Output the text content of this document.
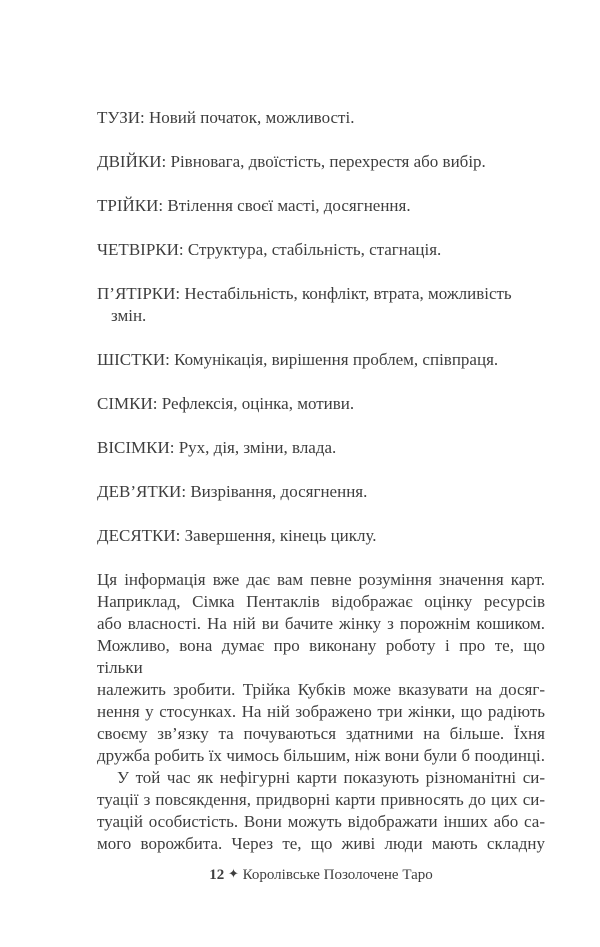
ТУЗИ: Новий початок, можливості.
ДВІЙКИ: Рівновага, двоїстість, перехрестя або вибір.
ТРІЙКИ: Втілення своєї масті, досягнення.
ЧЕТВІРКИ: Структура, стабільність, стагнація.
П’ЯТІРКИ: Нестабільність, конфлікт, втрата, можливість
змін.
ШІСТКИ: Комунікація, вирішення проблем, співпраця.
СІМКИ: Рефлексія, оцінка, мотиви.
ВІСІМКИ: Рух, дія, зміни, влада.
ДЕВ’ЯТКИ: Визрівання, досягнення.
ДЕСЯТКИ: Завершення, кінець циклу.
Ця інформація вже дає вам певне розуміння значення карт.
Наприклад, Сімка Пентаклів відображає оцінку ресурсів
або власності. На ній ви бачите жінку з порожнім кошиком.
Можливо, вона думає про виконану роботу і про те, що тільки
належить зробити. Трійка Кубків може вказувати на досяг-
нення у стосунках. На ній зображено три жінки, що радіють
своєму зв’язку та почуваються здатними на більше. Їхня
дружба робить їх чимось більшим, ніж вони були б поодинці.
У той час як нефігурні карти показують різноманітні си-
туації з повсякдення, придворні карти привносять до цих си-
туацій особистість. Вони можуть відображати інших або са-
мого ворожбита. Через те, що живі люди мають складну
12 ✦ Королівське Позолочене Таро
